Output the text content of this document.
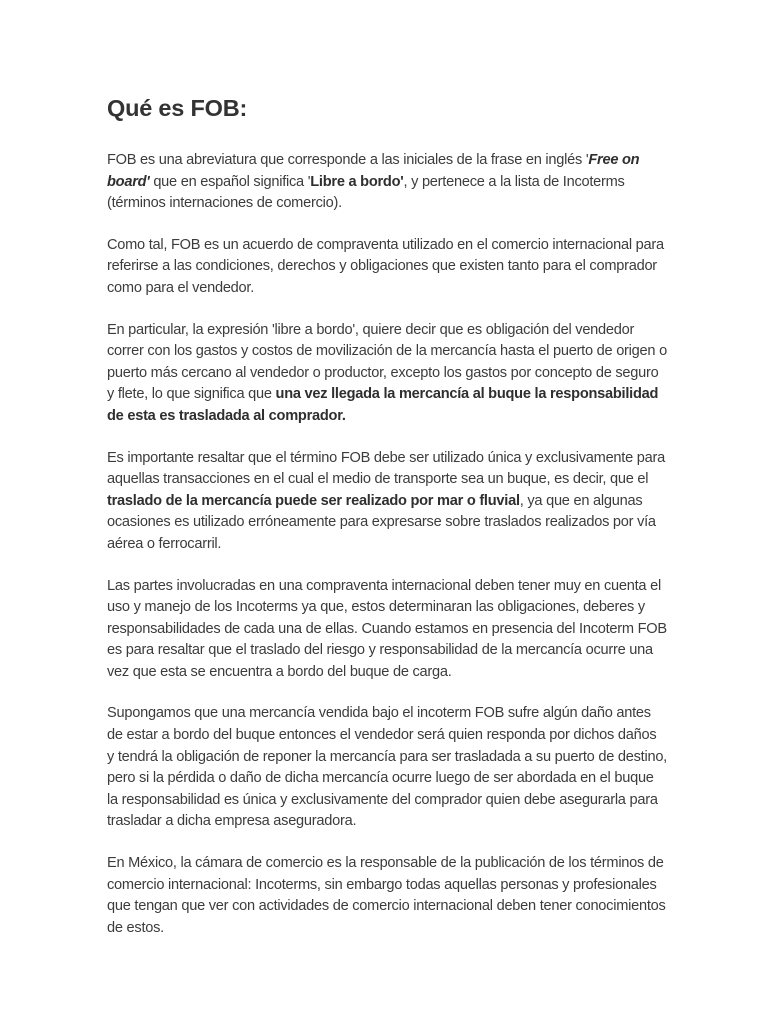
Qué es FOB:

FOB es una abreviatura que corresponde a las iniciales de la frase en inglés 'Free on board' que en español significa 'Libre a bordo', y pertenece a la lista de Incoterms (términos internaciones de comercio).

Como tal, FOB es un acuerdo de compraventa utilizado en el comercio internacional para referirse a las condiciones, derechos y obligaciones que existen tanto para el comprador como para el vendedor.

En particular, la expresión 'libre a bordo', quiere decir que es obligación del vendedor correr con los gastos y costos de movilización de la mercancía hasta el puerto de origen o puerto más cercano al vendedor o productor, excepto los gastos por concepto de seguro y flete, lo que significa que una vez llegada la mercancía al buque la responsabilidad de esta es trasladada al comprador.

Es importante resaltar que el término FOB debe ser utilizado única y exclusivamente para aquellas transacciones en el cual el medio de transporte sea un buque, es decir, que el traslado de la mercancía puede ser realizado por mar o fluvial, ya que en algunas ocasiones es utilizado erróneamente para expresarse sobre traslados realizados por vía aérea o ferrocarril.

Las partes involucradas en una compraventa internacional deben tener muy en cuenta el uso y manejo de los Incoterms ya que, estos determinaran las obligaciones, deberes y responsabilidades de cada una de ellas. Cuando estamos en presencia del Incoterm FOB es para resaltar que el traslado del riesgo y responsabilidad de la mercancía ocurre una vez que esta se encuentra a bordo del buque de carga.

Supongamos que una mercancía vendida bajo el incoterm FOB sufre algún daño antes de estar a bordo del buque entonces el vendedor será quien responda por dichos daños y tendrá la obligación de reponer la mercancía para ser trasladada a su puerto de destino, pero si la pérdida o daño de dicha mercancía ocurre luego de ser abordada en el buque la responsabilidad es única y exclusivamente del comprador quien debe asegurarla para trasladar a dicha empresa aseguradora.

En México, la cámara de comercio es la responsable de la publicación de los términos de comercio internacional: Incoterms, sin embargo todas aquellas personas y profesionales que tengan que ver con actividades de comercio internacional deben tener conocimientos de estos.
